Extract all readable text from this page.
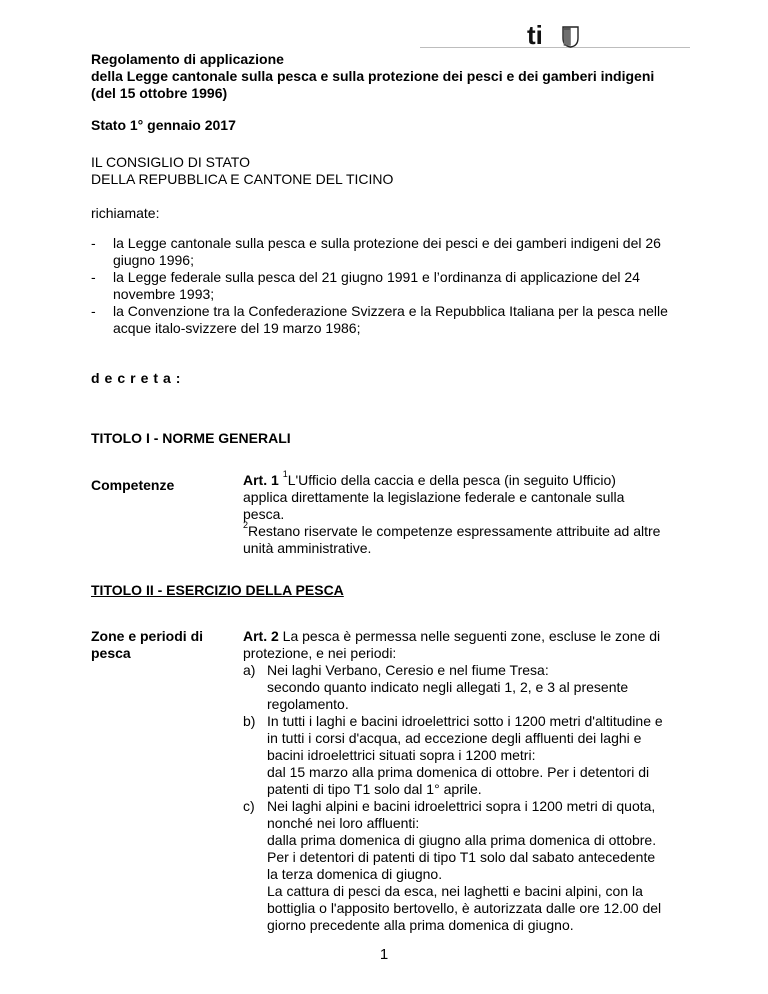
ti
Regolamento di applicazione
della Legge cantonale sulla pesca e sulla protezione dei pesci e dei gamberi indigeni
(del 15 ottobre 1996)
Stato 1° gennaio 2017
IL CONSIGLIO DI STATO
DELLA REPUBBLICA E CANTONE DEL TICINO
richiamate:
- la Legge cantonale sulla pesca e sulla protezione dei pesci e dei gamberi indigeni del 26
giugno 1996;
- la Legge federale sulla pesca del 21 giugno 1991 e l’ordinanza di applicazione del 24
novembre 1993;
- la Convenzione tra la Confederazione Svizzera e la Repubblica Italiana per la pesca nelle
acque italo-svizzere del 19 marzo 1986;
decreta:
TITOLO I - NORME GENERALI
Competenze	Art. 1 $^1$L'Ufficio della caccia e della pesca (in seguito Ufficio)
applica direttamente la legislazione federale e cantonale sulla
pesca.
$^2$Restano riservate le competenze espressamente attribuite ad altre
unità amministrative.
TITOLO II - ESERCIZIO DELLA PESCA
Zone e periodi di
pesca
Art. 2 La pesca è permessa nelle seguenti zone, escluse le zone di
protezione, e nei periodi:
a) Nei laghi Verbano, Ceresio e nel fiume Tresa:
secondo quanto indicato negli allegati 1, 2, e 3 al presente
regolamento.
b) In tutti i laghi e bacini idroelettrici sotto i 1200 metri d'altitudine e
in tutti i corsi d'acqua, ad eccezione degli affluenti dei laghi e
bacini idroelettrici situati sopra i 1200 metri:
dal 15 marzo alla prima domenica di ottobre. Per i detentori di
patenti di tipo T1 solo dal 1° aprile.
c) Nei laghi alpini e bacini idroelettrici sopra i 1200 metri di quota,
nonché nei loro affluenti:
dalla prima domenica di giugno alla prima domenica di ottobre.
Per i detentori di patenti di tipo T1 solo dal sabato antecedente
la terza domenica di giugno.
La cattura di pesci da esca, nei laghetti e bacini alpini, con la
bottiglia o l'apposito bertovello, è autorizzata dalle ore 12.00 del
giorno precedente alla prima domenica di giugno.
1
